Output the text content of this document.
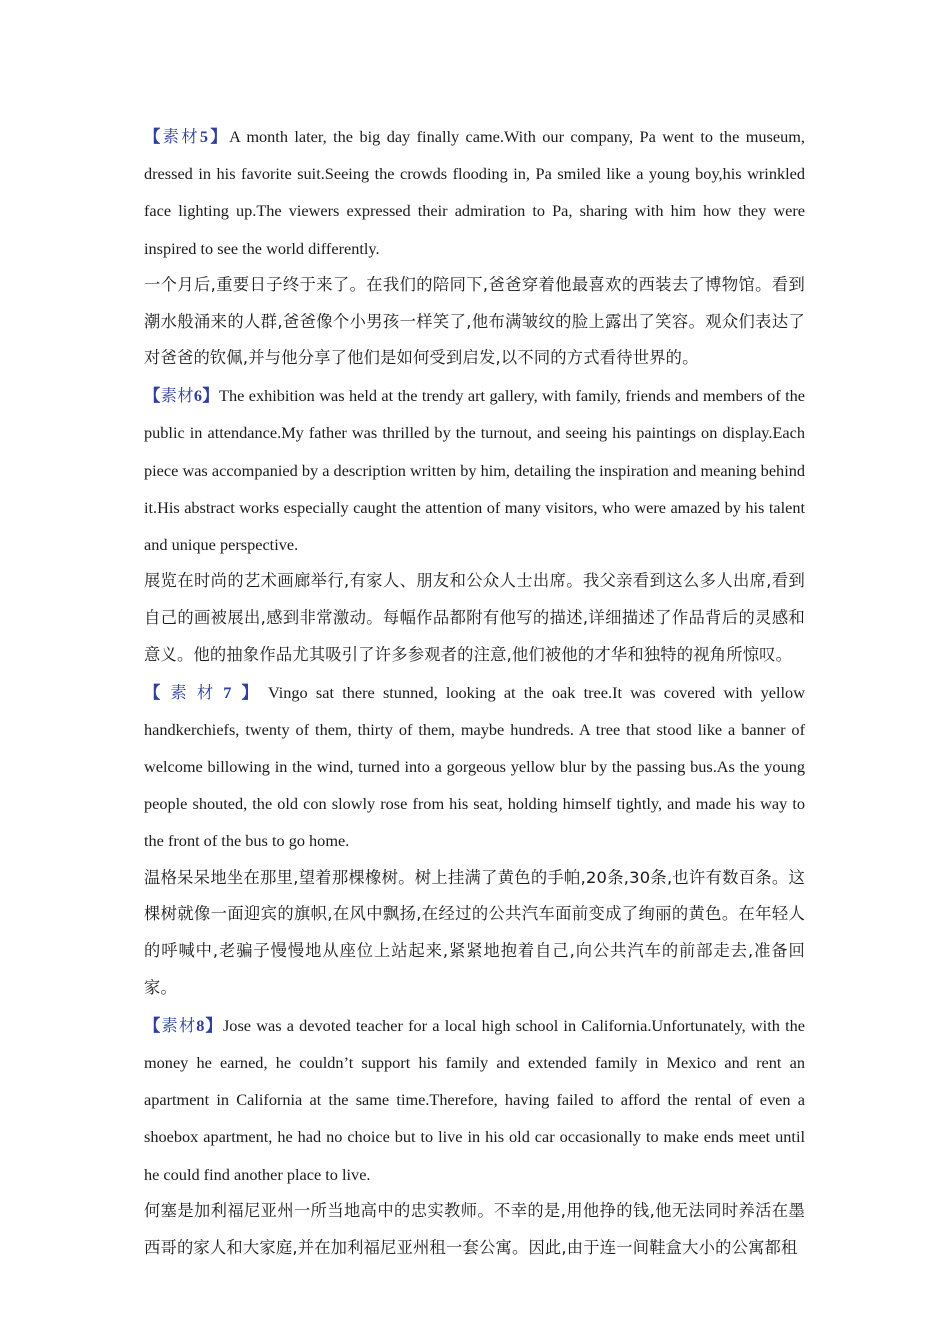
【素材5】A month later, the big day finally came.With our company, Pa went to the museum, dressed in his favorite suit.Seeing the crowds flooding in, Pa smiled like a young boy,his wrinkled face lighting up.The viewers expressed their admiration to Pa, sharing with him how they were inspired to see the world differently.

一个月后,重要日子终于来了。在我们的陪同下,爸爸穿着他最喜欢的西装去了博物馆。看到潮水般涌来的人群,爸爸像个小男孩一样笑了,他布满皱纹的脸上露出了笑容。观众们表达了对爸爸的钦佩,并与他分享了他们是如何受到启发,以不同的方式看待世界的。

【素材6】The exhibition was held at the trendy art gallery, with family, friends and members of the public in attendance.My father was thrilled by the turnout, and seeing his paintings on display.Each piece was accompanied by a description written by him, detailing the inspiration and meaning behind it.His abstract works especially caught the attention of many visitors, who were amazed by his talent and unique perspective.

展览在时尚的艺术画廊举行,有家人、朋友和公众人士出席。我父亲看到这么多人出席,看到自己的画被展出,感到非常激动。每幅作品都附有他写的描述,详细描述了作品背后的灵感和意义。他的抽象作品尤其吸引了许多参观者的注意,他们被他的才华和独特的视角所惊叹。

【素材7】Vingo sat there stunned, looking at the oak tree.It was covered with yellow handkerchiefs, twenty of them, thirty of them, maybe hundreds. A tree that stood like a banner of welcome billowing in the wind, turned into a gorgeous yellow blur by the passing bus.As the young people shouted, the old con slowly rose from his seat, holding himself tightly, and made his way to the front of the bus to go home.

温格呆呆地坐在那里,望着那棵橡树。树上挂满了黄色的手帕,20条,30条,也许有数百条。这棵树就像一面迎宾的旗帜,在风中飘扬,在经过的公共汽车面前变成了绚丽的黄色。在年轻人的呼喊中,老骗子慢慢地从座位上站起来,紧紧地抱着自己,向公共汽车的前部走去,准备回家。

【素材8】Jose was a devoted teacher for a local high school in California.Unfortunately, with the money he earned, he couldn’t support his family and extended family in Mexico and rent an apartment in California at the same time.Therefore, having failed to afford the rental of even a shoebox apartment, he had no choice but to live in his old car occasionally to make ends meet until he could find another place to live.

何塞是加利福尼亚州一所当地高中的忠实教师。不幸的是,用他挣的钱,他无法同时养活在墨西哥的家人和大家庭,并在加利福尼亚州租一套公寓。因此,由于连一间鞋盒大小的公寓都租
